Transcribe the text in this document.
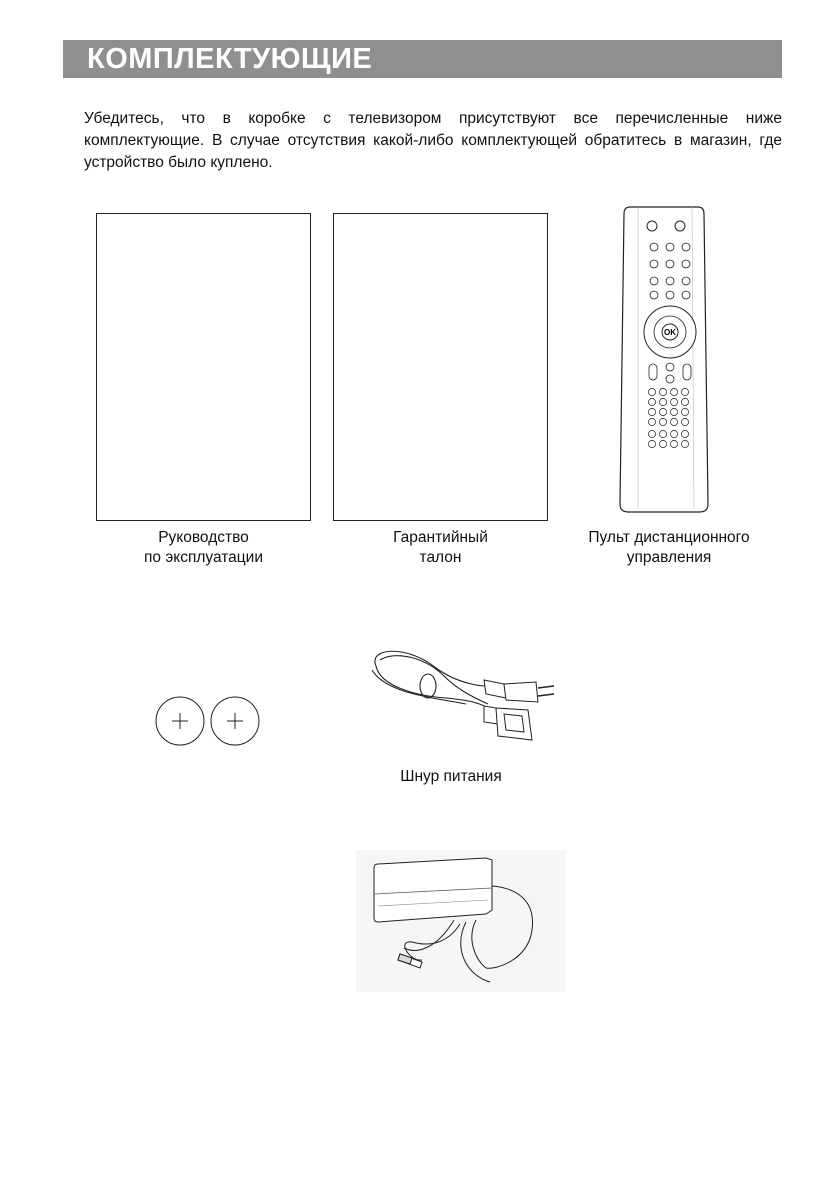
КОМПЛЕКТУЮЩИЕ

Убедитесь, что в коробке с телевизором присутствуют все перечисленные ниже комплектующие. В случае отсутствия какой-либо комплектующей обратитесь в магазин, где устройство было куплено.

Руководство
по эксплуатации
Гарантийный
талон
OK
Пульт дистанционного
управления
Шнур питания
